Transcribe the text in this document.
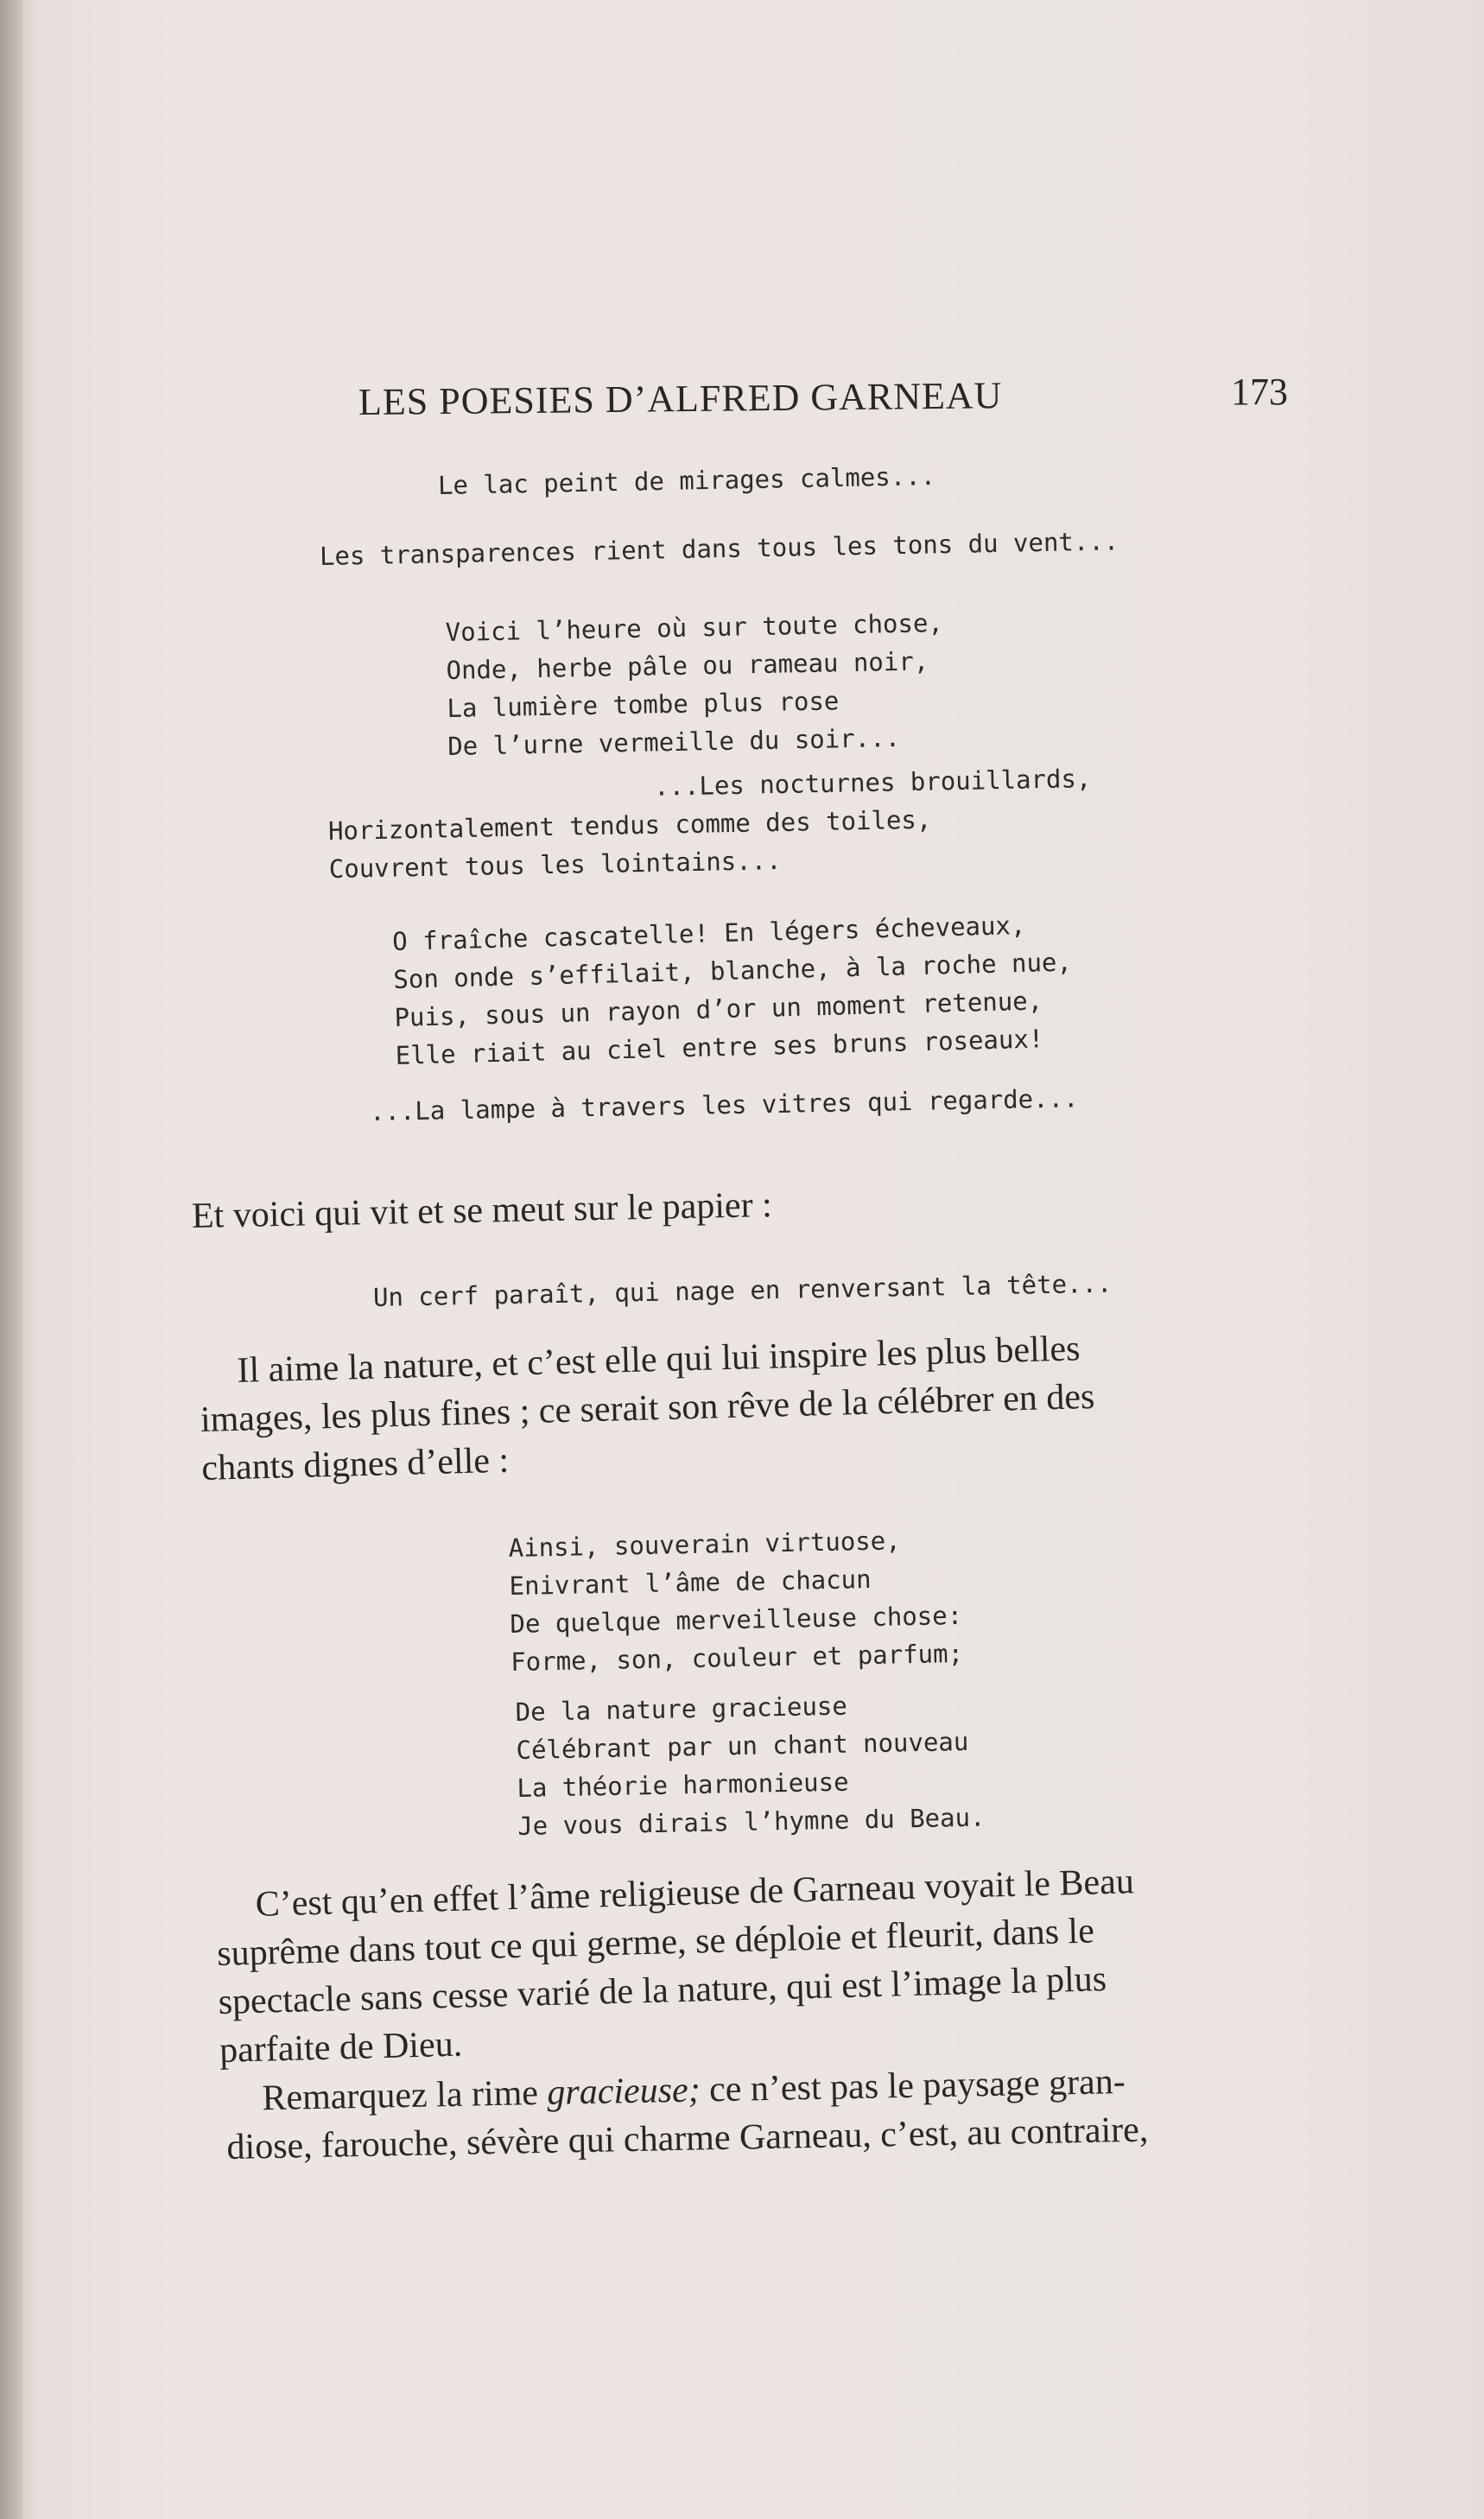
LES POESIES D’ALFRED GARNEAU	173
Le lac peint de mirages calmes...
Les transparences rient dans tous les tons du vent...
Voici l’heure où sur toute chose,
Onde, herbe pâle ou rameau noir,
La lumière tombe plus rose
De l’urne vermeille du soir...
...Les nocturnes brouillards,
Horizontalement tendus comme des toiles,
Couvrent tous les lointains...
O fraîche cascatelle! En légers écheveaux,
Son onde s’effilait, blanche, à la roche nue,
Puis, sous un rayon d’or un moment retenue,
Elle riait au ciel entre ses bruns roseaux!
...La lampe à travers les vitres qui regarde...
Et voici qui vit et se meut sur le papier :
Un cerf paraît, qui nage en renversant la tête...
Il aime la nature, et c’est elle qui lui inspire les plus belles
images, les plus fines ; ce serait son rêve de la célébrer en des
chants dignes d’elle :
Ainsi, souverain virtuose,
Enivrant l’âme de chacun
De quelque merveilleuse chose:
Forme, son, couleur et parfum;
De la nature gracieuse
Célébrant par un chant nouveau
La théorie harmonieuse
Je vous dirais l’hymne du Beau.
C’est qu’en effet l’âme religieuse de Garneau voyait le Beau
suprême dans tout ce qui germe, se déploie et fleurit, dans le
spectacle sans cesse varié de la nature, qui est l’image la plus
parfaite de Dieu.
Remarquez la rime gracieuse; ce n’est pas le paysage gran-
diose, farouche, sévère qui charme Garneau, c’est, au contraire,
